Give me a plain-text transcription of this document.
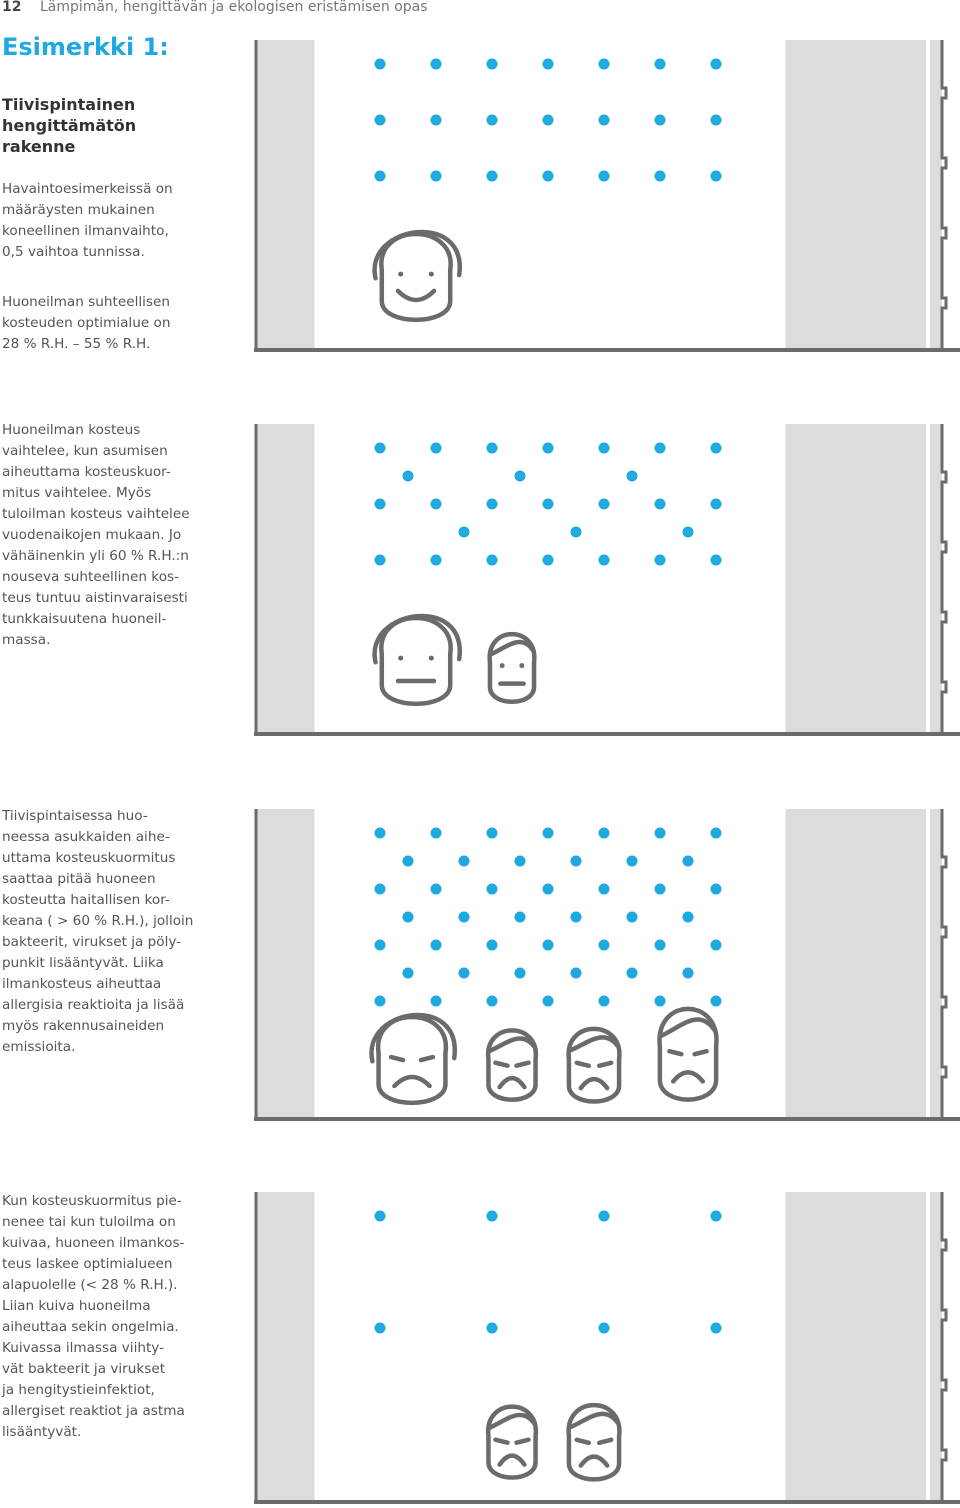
12 Lämpimän, hengittävän ja ekologisen eristämisen opas
Esimerkki 1:
Tiivispintainen
hengittämätön
rakenne

Havaintoesimerkeissä on
määräysten mukainen
koneellinen ilmanvaihto,
0,5 vaihtoa tunnissa.

Huoneilman suhteellisen
kosteuden optimialue on
28 % R.H. – 55 % R.H.

Huoneilman kosteus
vaihtelee, kun asumisen
aiheuttama kosteuskuor-
mitus vaihtelee. Myös
tuloilman kosteus vaihtelee
vuodenaikojen mukaan. Jo
vähäinenkin yli 60 % R.H.:n
nouseva suhteellinen kos-
teus tuntuu aistinvaraisesti
tunkkaisuutena huoneil-
massa.

Tiivispintaisessa huo-
neessa asukkaiden aihe-
uttama kosteuskuormitus
saattaa pitää huoneen
kosteutta haitallisen kor-
keana ( > 60 % R.H.), jolloin
bakteerit, virukset ja pöly-
punkit lisääntyvät. Liika
ilmankosteus aiheuttaa
allergisia reaktioita ja lisää
myös rakennusaineiden
emissioita.

Kun kosteuskuormitus pie-
nenee tai kun tuloilma on
kuivaa, huoneen ilmankos-
teus laskee optimialueen
alapuolelle (< 28 % R.H.).
Liian kuiva huoneilma
aiheuttaa sekin ongelmia.
Kuivassa ilmassa viihty-
vät bakteerit ja virukset
ja hengitystieinfektiot,
allergiset reaktiot ja astma
lisääntyvät.
